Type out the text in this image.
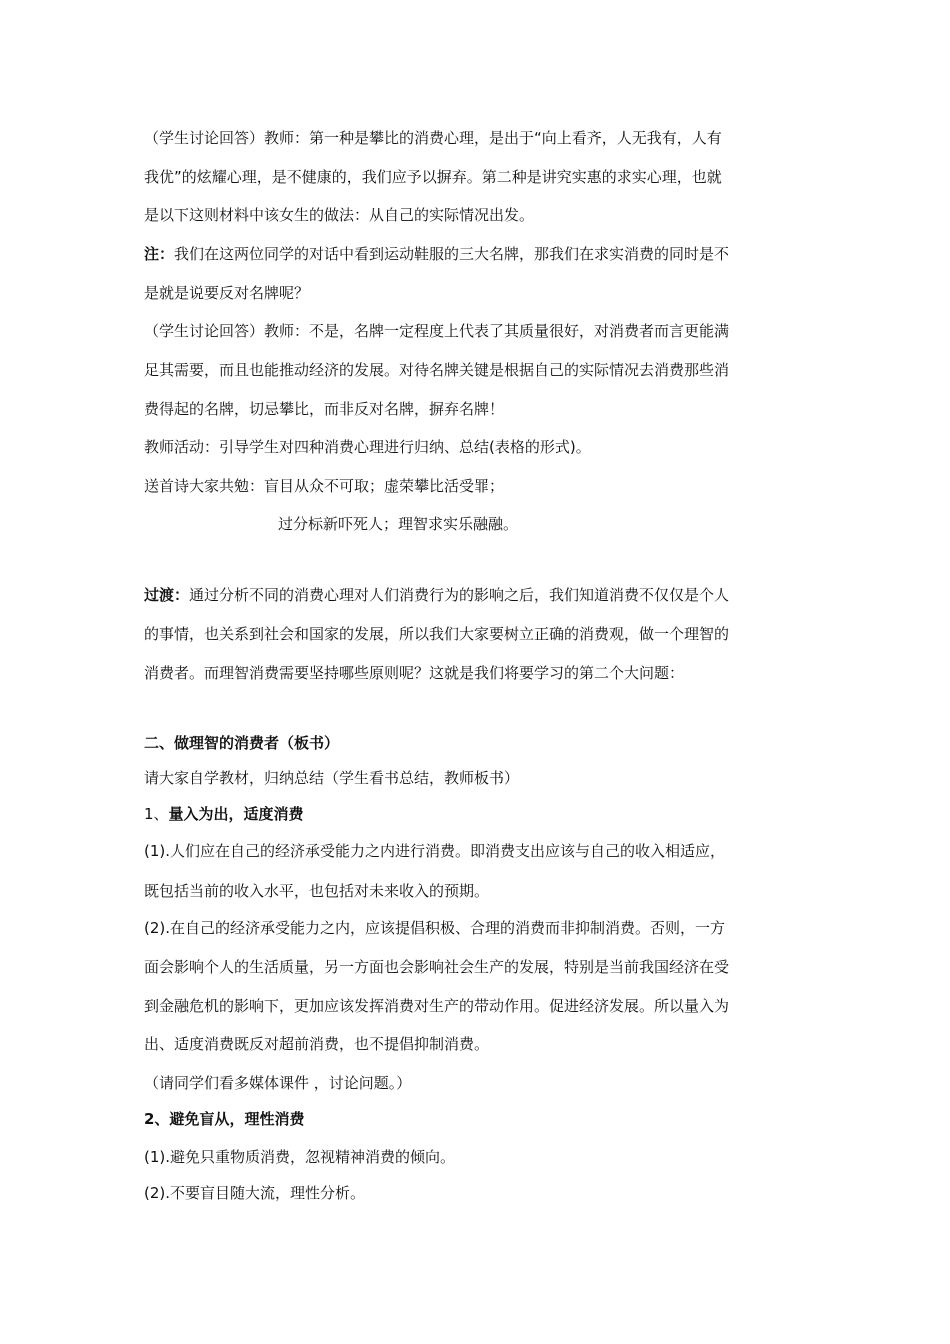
（学生讨论回答）教师：第一种是攀比的消费心理，是出于“向上看齐，人无我有，人有
我优”的炫耀心理，是不健康的，我们应予以摒弃。第二种是讲究实惠的求实心理，也就
是以下这则材料中该女生的做法：从自己的实际情况出发。
注：我们在这两位同学的对话中看到运动鞋服的三大名牌，那我们在求实消费的同时是不
是就是说要反对名牌呢？
（学生讨论回答）教师：不是，名牌一定程度上代表了其质量很好，对消费者而言更能满
足其需要，而且也能推动经济的发展。对待名牌关键是根据自己的实际情况去消费那些消
费得起的名牌，切忌攀比，而非反对名牌，摒弃名牌！
教师活动：引导学生对四种消费心理进行归纳、总结(表格的形式)。
送首诗大家共勉：盲目从众不可取；虚荣攀比活受罪；
过分标新吓死人；理智求实乐融融。
过渡：通过分析不同的消费心理对人们消费行为的影响之后，我们知道消费不仅仅是个人
的事情，也关系到社会和国家的发展，所以我们大家要树立正确的消费观，做一个理智的
消费者。而理智消费需要坚持哪些原则呢？这就是我们将要学习的第二个大问题：
二、做理智的消费者（板书）
请大家自学教材，归纳总结（学生看书总结，教师板书）
1、量入为出，适度消费
(1).人们应在自己的经济承受能力之内进行消费。即消费支出应该与自己的收入相适应，
既包括当前的收入水平，也包括对未来收入的预期。
(2).在自己的经济承受能力之内，应该提倡积极、合理的消费而非抑制消费。否则，一方
面会影响个人的生活质量，另一方面也会影响社会生产的发展，特别是当前我国经济在受
到金融危机的影响下，更加应该发挥消费对生产的带动作用。促进经济发展。所以量入为
出、适度消费既反对超前消费，也不提倡抑制消费。
（请同学们看多媒体课件 ，讨论问题。）
2、避免盲从，理性消费
(1).避免只重物质消费，忽视精神消费的倾向。
(2).不要盲目随大流，理性分析。
